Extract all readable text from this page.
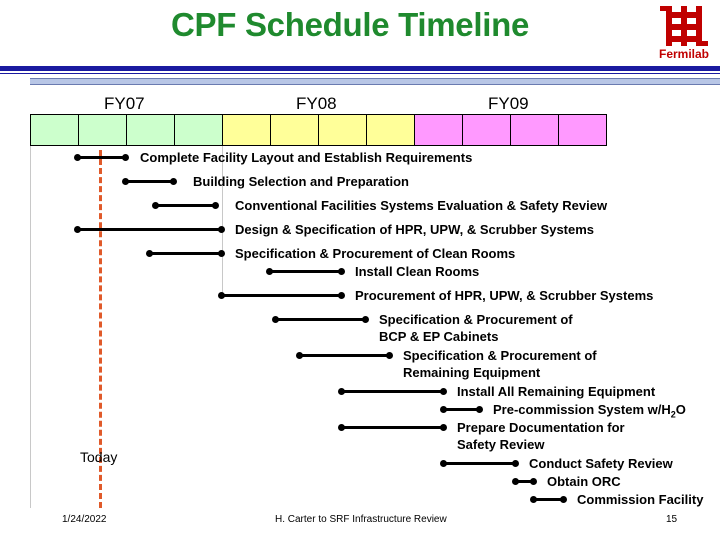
CPF Schedule Timeline
Fermilab
FY07	FY08	FY09
Today
Complete Facility Layout and Establish Requirements
Building Selection and Preparation
Conventional Facilities Systems Evaluation & Safety Review
Design & Specification of HPR, UPW, & Scrubber Systems
Specification & Procurement of Clean Rooms
Install Clean Rooms
Procurement of HPR, UPW, & Scrubber Systems
Specification & Procurement of
BCP & EP Cabinets
Specification & Procurement of
Remaining Equipment
Install All Remaining Equipment
Pre-commission System $w/H_2O$
Prepare Documentation for
Safety Review
Conduct Safety Review
Obtain ORC
Commission Facility
1/24/2022	H. Carter to SRF Infrastructure Review	15
